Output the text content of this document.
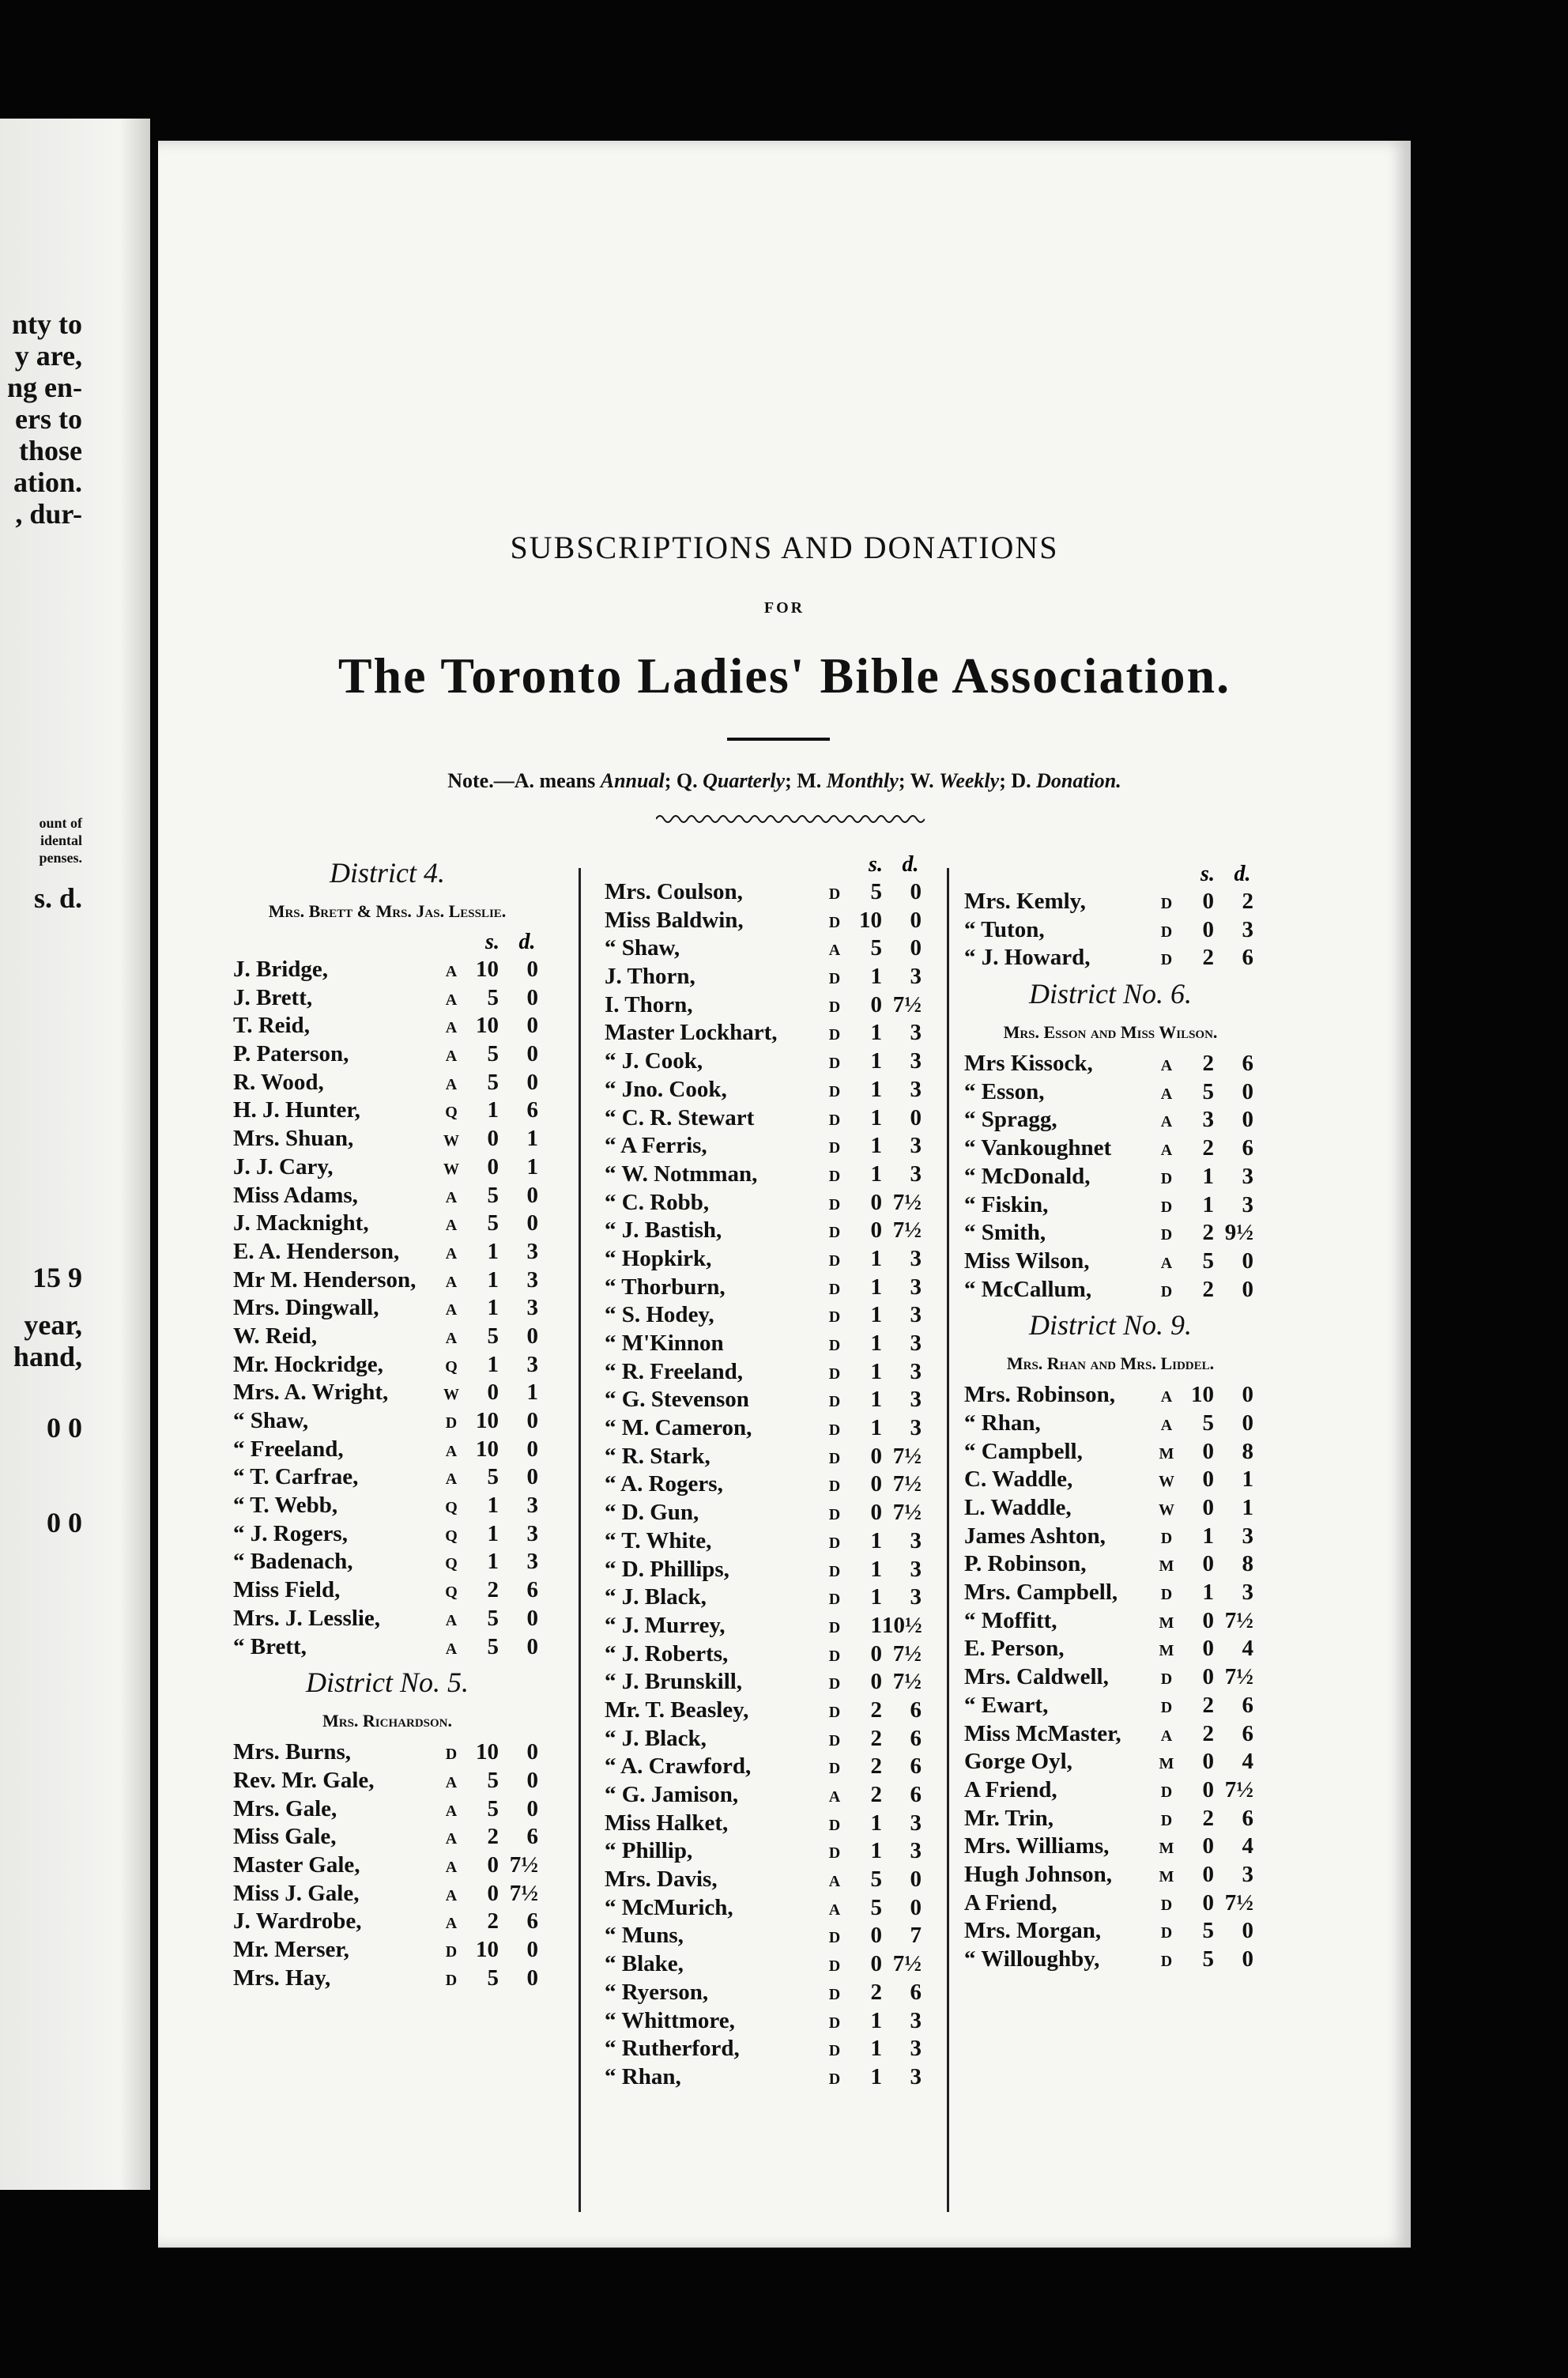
nty to
y are,
ng en-
ers to
those
ation.
, dur-
ount of
idental
penses.
s. d.
15 9
year,
hand,
0 0
0 0
SUBSCRIPTIONS AND DONATIONS
FOR
The Toronto Ladies' Bible Association.
Note.—A. means Annual; Q. Quarterly; M. Monthly; W. Weekly; D. Donation.
District 4.
Mrs. Brett & Mrs. Jas. Lesslie.
s. d.
J. Bridge,	A 10	0
J. Brett,	A	5	0
T. Reid,	A 10	0
P. Paterson,	A	5	0
R. Wood,	A	5	0
H. J. Hunter,	Q	1	6
Mrs. Shuan,	W	0	1
J. J. Cary,	W	0	1
Miss Adams,	A	5	0
J. Macknight,	A	5	0
E. A. Henderson,	A	1	3
Mr M. Henderson,	A	1	3
Mrs. Dingwall,	A	1	3
W. Reid,	A	5	0
Mr. Hockridge,	Q	1	3
Mrs. A. Wright,	W	0	1
“ Shaw,	D 10	0
“ Freeland,	A 10	0
“ T. Carfrae,	A	5	0
“ T. Webb,	Q	1	3
“ J. Rogers,	Q	1	3
“ Badenach,	Q	1	3
Miss Field,	Q	2	6
Mrs. J. Lesslie,	A	5	0
“ Brett,	A	5	0
District No. 5.
Mrs. Richardson.
Mrs. Burns,	D 10	0
Rev. Mr. Gale,	A	5	0
Mrs. Gale,	A	5	0
Miss Gale,	A	2	6
Master Gale,	A	0 7½
Miss J. Gale,	A	0 7½
J. Wardrobe,	A	2	6
Mr. Merser,	D 10	0
Mrs. Hay,	D	5	0
s. d.
Mrs. Coulson,	D	5	0
Miss Baldwin,	D 10	0
“ Shaw,	A	5	0
J. Thorn,	D	1	3
I. Thorn,	D	0 7½
Master Lockhart,	D	1	3
“ J. Cook,	D	1	3
“ Jno. Cook,	D	1	3
“ C. R. Stewart	D	1	0
“ A Ferris,	D	1	3
“ W. Notmman,	D	1	3
“ C. Robb,	D	0 7½
“ J. Bastish,	D	0 7½
“ Hopkirk,	D	1	3
“ Thorburn,	D	1	3
“ S. Hodey,	D	1	3
“ M'Kinnon	D	1	3
“ R. Freeland,	D	1	3
“ G. Stevenson	D	1	3
“ M. Cameron,	D	1	3
“ R. Stark,	D	0 7½
“ A. Rogers,	D	0 7½
“ D. Gun,	D	0 7½
“ T. White,	D	1	3
“ D. Phillips,	D	1	3
“ J. Black,	D	1	3
“ J. Murrey,	D	1 10½
“ J. Roberts,	D	0 7½
“ J. Brunskill,	D	0 7½
Mr. T. Beasley,	D	2	6
“ J. Black,	D	2	6
“ A. Crawford,	D	2	6
“ G. Jamison,	A	2	6
Miss Halket,	D	1	3
“ Phillip,	D	1	3
Mrs. Davis,	A	5	0
“ McMurich,	A	5	0
“ Muns,	D	0	7
“ Blake,	D	0 7½
“ Ryerson,	D	2	6
“ Whittmore,	D	1	3
“ Rutherford,	D	1	3
“ Rhan,	D	1	3
s. d.
Mrs. Kemly,	D	0	2
“ Tuton,	D	0	3
“ J. Howard,	D	2	6
District No. 6.
Mrs. Esson and Miss Wilson.
Mrs Kissock,	A	2	6
“ Esson,	A	5	0
“ Spragg,	A	3	0
“ Vankoughnet	A	2	6
“ McDonald,	D	1	3
“ Fiskin,	D	1	3
“ Smith,	D	2 9½
Miss Wilson,	A	5	0
“ McCallum,	D	2	0
District No. 9.
Mrs. Rhan and Mrs. Liddel.
Mrs. Robinson,	A 10	0
“ Rhan,	A	5	0
“ Campbell,	M	0	8
C. Waddle,	W	0	1
L. Waddle,	W	0	1
James Ashton,	D	1	3
P. Robinson,	M	0	8
Mrs. Campbell,	D	1	3
“ Moffitt,	M	0 7½
E. Person,	M	0	4
Mrs. Caldwell,	D	0 7½
“ Ewart,	D	2	6
Miss McMaster,	A	2	6
Gorge Oyl,	M	0	4
A Friend,	D	0 7½
Mr. Trin,	D	2	6
Mrs. Williams,	M	0	4
Hugh Johnson,	M	0	3
A Friend,	D	0 7½
Mrs. Morgan,	D	5	0
“ Willoughby,	D	5	0
